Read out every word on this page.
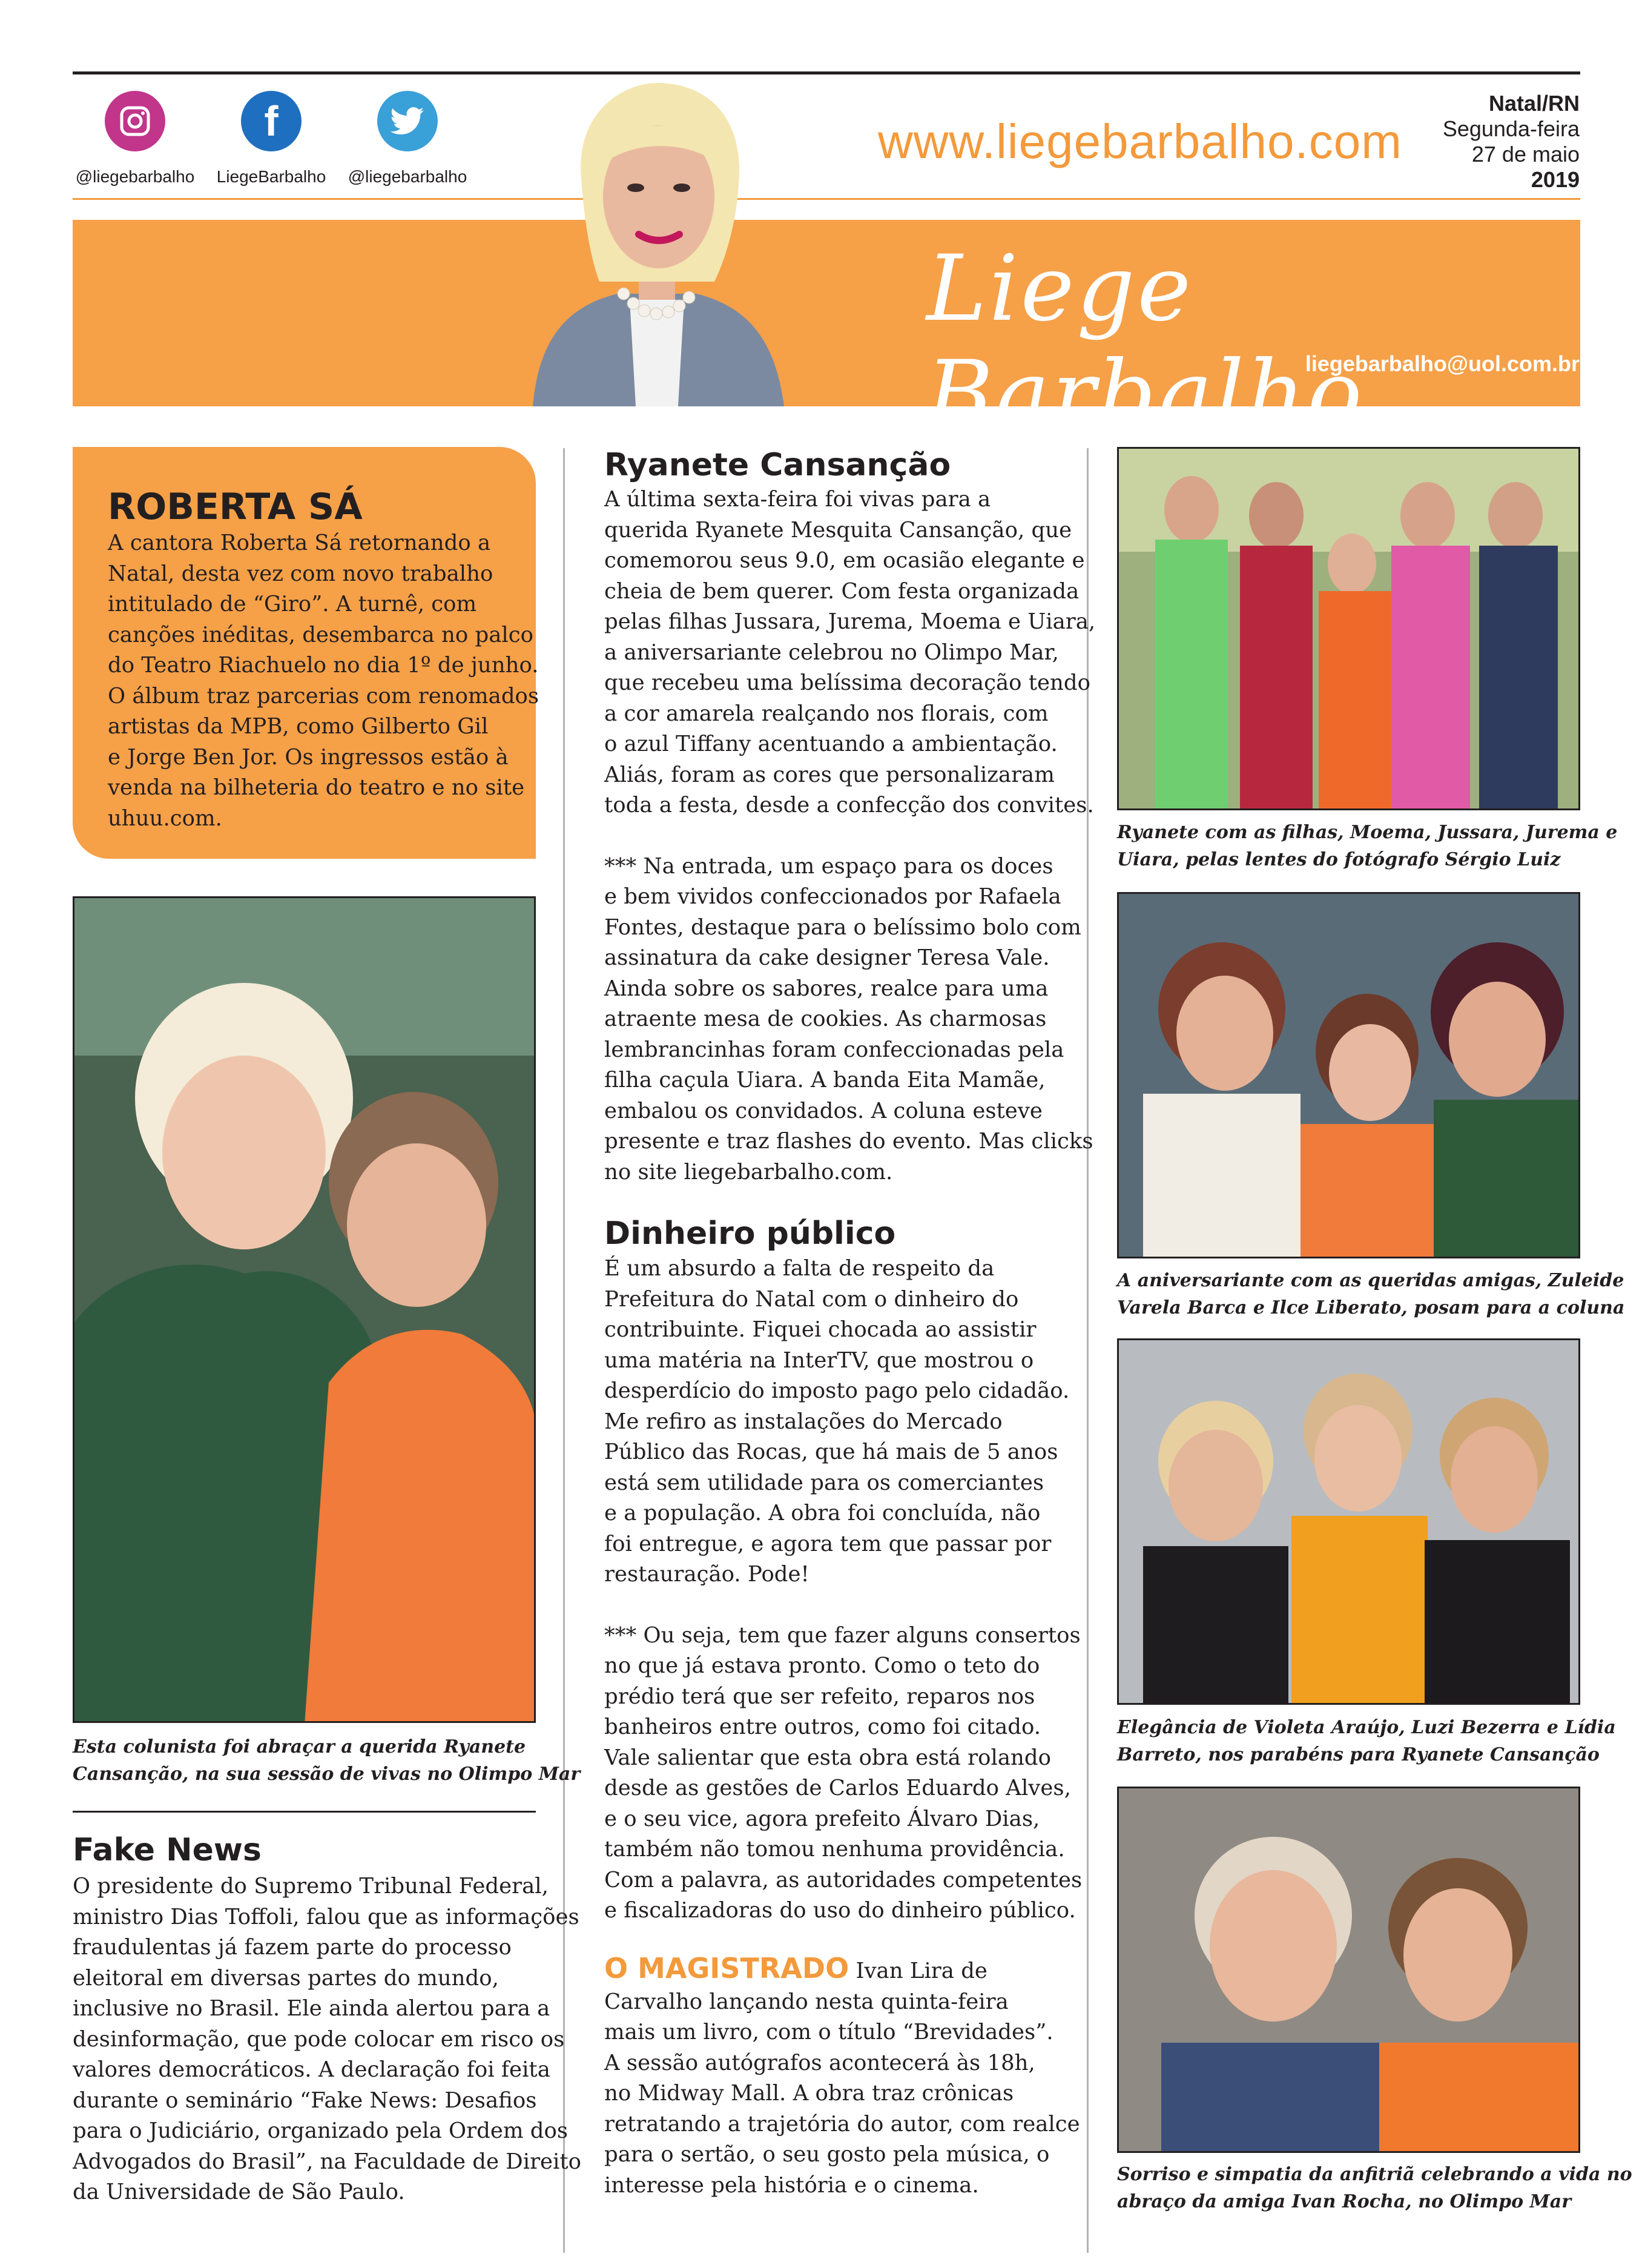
@liegebarbalho
f
LiegeBarbalho	@liegebarbalho
www.liegebarbalho.com
Natal/RN
Segunda-feira
27 de maio
2019
Liege Barbalho
liegebarbalho@uol.com.br
ROBERTA SÁ
A cantora Roberta Sá retornando a
Natal, desta vez com novo trabalho
intitulado de “Giro”. A turnê, com
canções inéditas, desembarca no palco
do Teatro Riachuelo no dia 1º de junho.
O álbum traz parcerias com renomados
artistas da MPB, como Gilberto Gil
e Jorge Ben Jor. Os ingressos estão à
venda na bilheteria do teatro e no site
uhuu.com.
Esta colunista foi abraçar a querida Ryanete
Cansanção, na sua sessão de vivas no Olimpo Mar
Fake News
O presidente do Supremo Tribunal Federal,
ministro Dias Toffoli, falou que as informações
fraudulentas já fazem parte do processo
eleitoral em diversas partes do mundo,
inclusive no Brasil. Ele ainda alertou para a
desinformação, que pode colocar em risco os
valores democráticos. A declaração foi feita
durante o seminário “Fake News: Desafios
para o Judiciário, organizado pela Ordem dos
Advogados do Brasil”, na Faculdade de Direito
da Universidade de São Paulo.
Ryanete Cansanção
A última sexta-feira foi vivas para a
querida Ryanete Mesquita Cansanção, que
comemorou seus 9.0, em ocasião elegante e
cheia de bem querer. Com festa organizada
pelas filhas Jussara, Jurema, Moema e Uiara,
a aniversariante celebrou no Olimpo Mar,
que recebeu uma belíssima decoração tendo
a cor amarela realçando nos florais, com
o azul Tiffany acentuando a ambientação.
Aliás, foram as cores que personalizaram
toda a festa, desde a confecção dos convites.
*** Na entrada, um espaço para os doces
e bem vividos confeccionados por Rafaela
Fontes, destaque para o belíssimo bolo com
assinatura da cake designer Teresa Vale.
Ainda sobre os sabores, realce para uma
atraente mesa de cookies. As charmosas
lembrancinhas foram confeccionadas pela
filha caçula Uiara. A banda Eita Mamãe,
embalou os convidados. A coluna esteve
presente e traz flashes do evento. Mas clicks
no site liegebarbalho.com.
Dinheiro público
É um absurdo a falta de respeito da
Prefeitura do Natal com o dinheiro do
contribuinte. Fiquei chocada ao assistir
uma matéria na InterTV, que mostrou o
desperdício do imposto pago pelo cidadão.
Me refiro as instalações do Mercado
Público das Rocas, que há mais de 5 anos
está sem utilidade para os comerciantes
e a população. A obra foi concluída, não
foi entregue, e agora tem que passar por
restauração. Pode!
*** Ou seja, tem que fazer alguns consertos
no que já estava pronto. Como o teto do
prédio terá que ser refeito, reparos nos
banheiros entre outros, como foi citado.
Vale salientar que esta obra está rolando
desde as gestões de Carlos Eduardo Alves,
e o seu vice, agora prefeito Álvaro Dias,
também não tomou nenhuma providência.
Com a palavra, as autoridades competentes
e fiscalizadoras do uso do dinheiro público.
O MAGISTRADO Ivan Lira de
Carvalho lançando nesta quinta-feira
mais um livro, com o título “Brevidades”.
A sessão autógrafos acontecerá às 18h,
no Midway Mall. A obra traz crônicas
retratando a trajetória do autor, com realce
para o sertão, o seu gosto pela música, o
interesse pela história e o cinema.
Ryanete com as filhas, Moema, Jussara, Jurema e
Uiara, pelas lentes do fotógrafo Sérgio Luiz
A aniversariante com as queridas amigas, Zuleide
Varela Barca e Ilce Liberato, posam para a coluna
Elegância de Violeta Araújo, Luzi Bezerra e Lídia
Barreto, nos parabéns para Ryanete Cansanção
Sorriso e simpatia da anfitriã celebrando a vida no
abraço da amiga Ivan Rocha, no Olimpo Mar
